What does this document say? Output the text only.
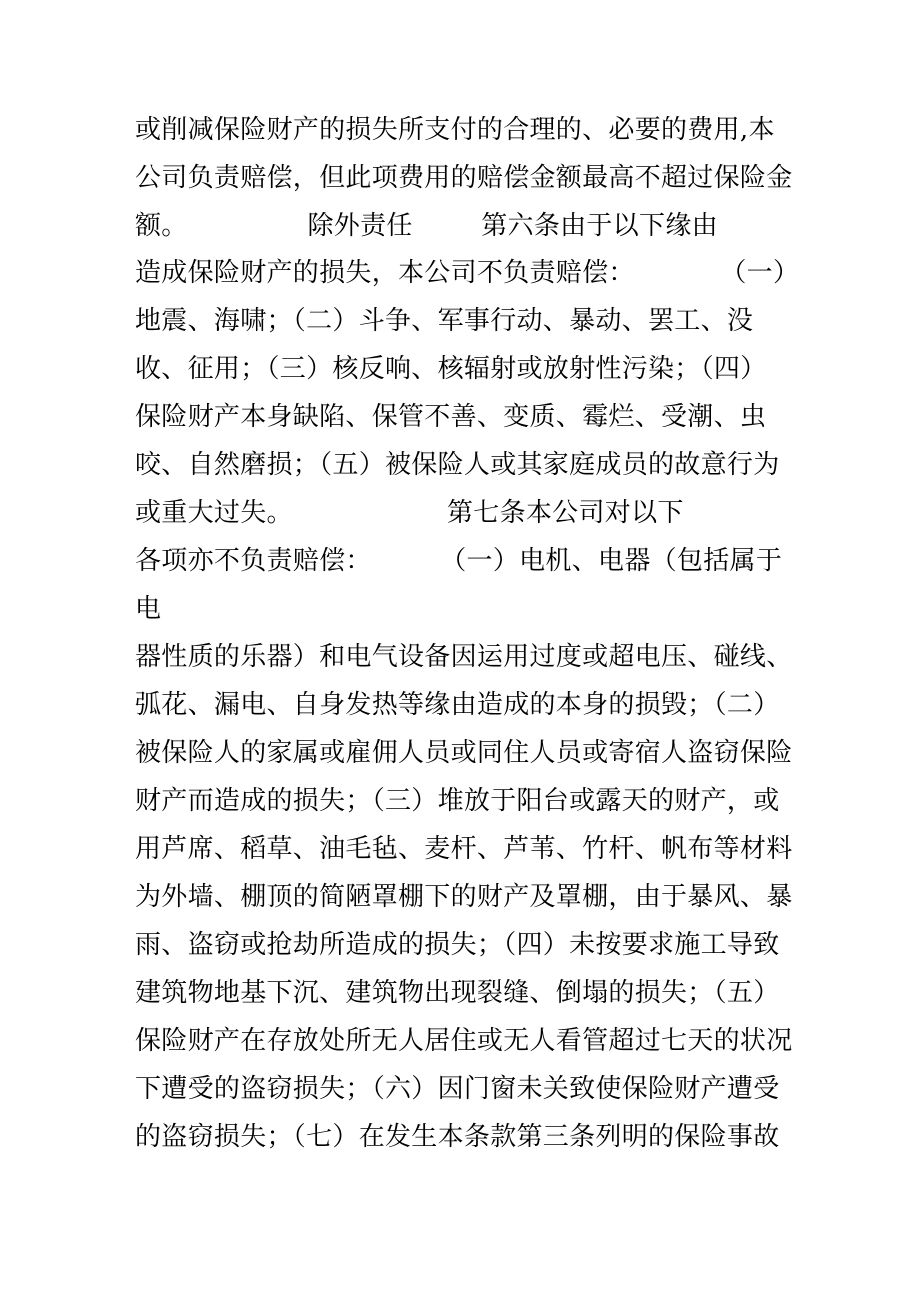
或削减保险财产的损失所支付的合理的、必要的费用,本
公司负责赔偿，但此项费用的赔偿金额最高不超过保险金
额。              除外责任        第六条由于以下缘由
造成保险财产的损失，本公司不负责赔偿：          （一）
地震、海啸；（二）斗争、军事行动、暴动、罢工、没
收、征用；（三）核反响、核辐射或放射性污染；（四）
保险财产本身缺陷、保管不善、变质、霉烂、受潮、虫
咬、自然磨损；（五）被保险人或其家庭成员的故意行为
或重大过失。                  第七条本公司对以下
各项亦不负责赔偿：        （一）电机、电器（包括属于
电
器性质的乐器）和电气设备因运用过度或超电压、碰线、
弧花、漏电、自身发热等缘由造成的本身的损毁；（二）
被保险人的家属或雇佣人员或同住人员或寄宿人盗窃保险
财产而造成的损失；（三）堆放于阳台或露天的财产，或
用芦席、稻草、油毛毡、麦杆、芦苇、竹杆、帆布等材料
为外墙、棚顶的简陋罩棚下的财产及罩棚，由于暴风、暴
雨、盗窃或抢劫所造成的损失；（四）未按要求施工导致
建筑物地基下沉、建筑物出现裂缝、倒塌的损失；（五）
保险财产在存放处所无人居住或无人看管超过七天的状况
下遭受的盗窃损失；（六）因门窗未关致使保险财产遭受
的盗窃损失；（七）在发生本条款第三条列明的保险事故
